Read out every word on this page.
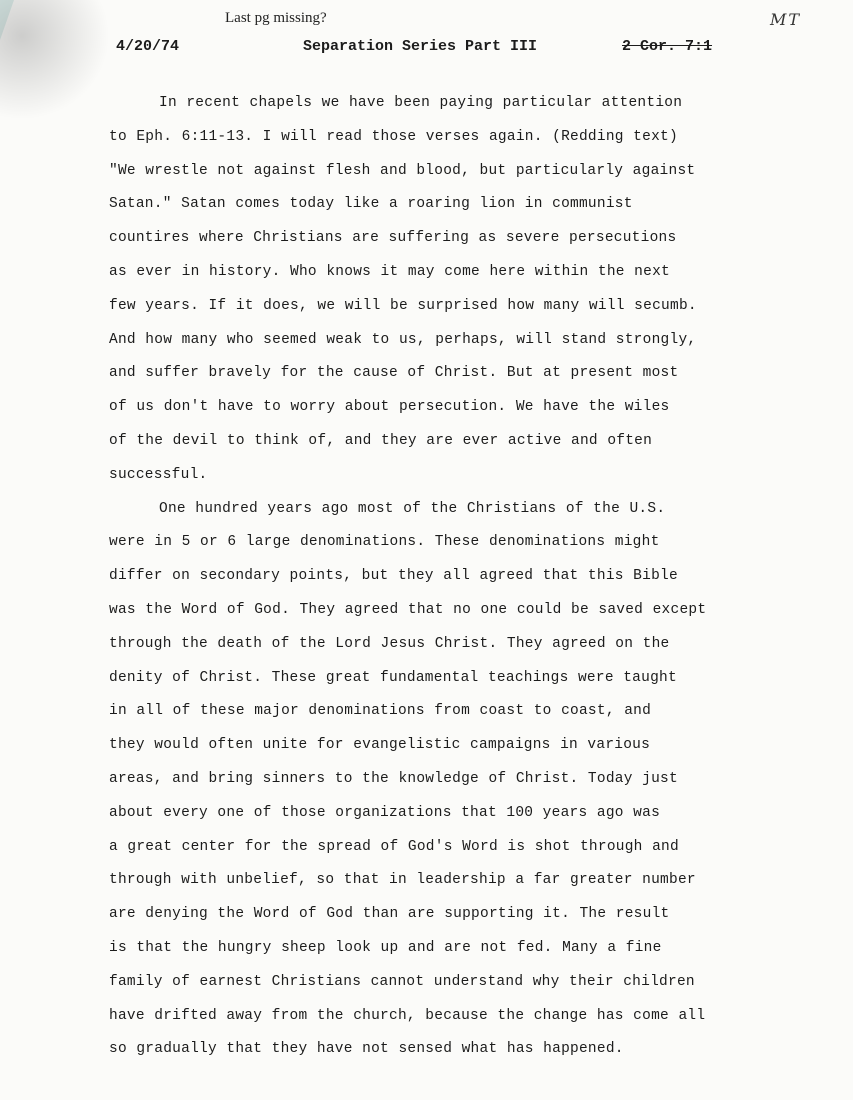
Last pg missing?	MT
4/20/74	Separation Series Part III	2 Cor. 7:1
In recent chapels we have been paying particular attention
to Eph. 6:11-13. I will read those verses again. (Redding text)
"We wrestle not against flesh and blood, but particularly against
Satan." Satan comes today like a roaring lion in communist
countires where Christians are suffering as severe persecutions
as ever in history. Who knows it may come here within the next
few years. If it does, we will be surprised how many will secumb.
And how many who seemed weak to us, perhaps, will stand strongly,
and suffer bravely for the cause of Christ. But at present most
of us don't have to worry about persecution. We have the wiles
of the devil to think of, and they are ever active and often
successful.
One hundred years ago most of the Christians of the U.S.
were in 5 or 6 large denominations. These denominations might
differ on secondary points, but they all agreed that this Bible
was the Word of God. They agreed that no one could be saved except
through the death of the Lord Jesus Christ. They agreed on the
denity of Christ. These great fundamental teachings were taught
in all of these major denominations from coast to coast, and
they would often unite for evangelistic campaigns in various
areas, and bring sinners to the knowledge of Christ. Today just
about every one of those organizations that 100 years ago was
a great center for the spread of God's Word is shot through and
through with unbelief, so that in leadership a far greater number
are denying the Word of God than are supporting it. The result
is that the hungry sheep look up and are not fed. Many a fine
family of earnest Christians cannot understand why their children
have drifted away from the church, because the change has come all
so gradually that they have not sensed what has happened.
